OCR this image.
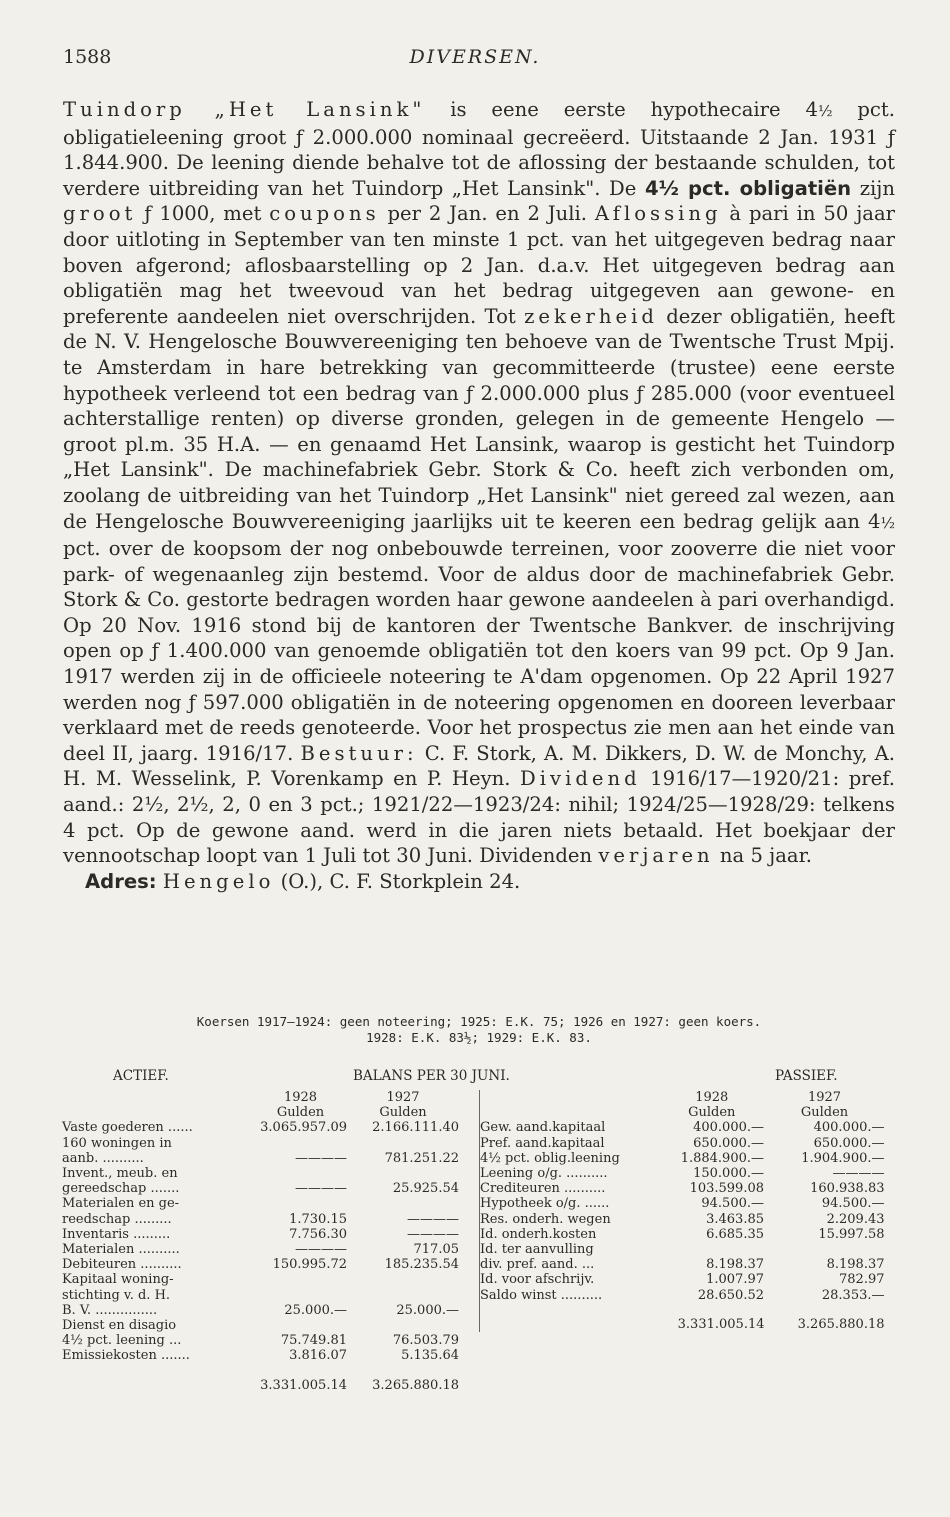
1588	DIVERSEN.

Tuindorp „Het Lansink" is eene eerste hypothecaire 4½ pct. obligatieleening groot ƒ 2.000.000 nominaal gecreëerd. Uitstaande 2 Jan. 1931 ƒ 1.844.900. De leening diende behalve tot de aflossing der bestaande schulden, tot verdere uitbreiding van het Tuindorp „Het Lansink". De 4½ pct. obligatiën zijn groot ƒ 1000, met coupons per 2 Jan. en 2 Juli. Aflossing à pari in 50 jaar door uitloting in September van ten minste 1 pct. van het uitgegeven bedrag naar boven afgerond; aflosbaarstelling op 2 Jan. d.a.v. Het uitgegeven bedrag aan obligatiën mag het tweevoud van het bedrag uitgegeven aan gewone- en preferente aandeelen niet overschrijden. Tot zekerheid dezer obligatiën, heeft de N. V. Hengelosche Bouwvereeniging ten behoeve van de Twentsche Trust Mpij. te Amsterdam in hare betrekking van gecommitteerde (trustee) eene eerste hypotheek verleend tot een bedrag van ƒ 2.000.000 plus ƒ 285.000 (voor eventueel achterstallige renten) op diverse gronden, gelegen in de gemeente Hengelo — groot pl.m. 35 H.A. — en genaamd Het Lansink, waarop is gesticht het Tuindorp „Het Lansink". De machinefabriek Gebr. Stork & Co. heeft zich verbonden om, zoolang de uitbreiding van het Tuindorp „Het Lansink" niet gereed zal wezen, aan de Hengelosche Bouwvereeniging jaarlijks uit te keeren een bedrag gelijk aan 4½ pct. over de koopsom der nog onbebouwde terreinen, voor zooverre die niet voor park- of wegenaanleg zijn bestemd. Voor de aldus door de machinefabriek Gebr. Stork & Co. gestorte bedragen worden haar gewone aandeelen à pari overhandigd. Op 20 Nov. 1916 stond bij de kantoren der Twentsche Bankver. de inschrijving open op ƒ 1.400.000 van genoemde obligatiën tot den koers van 99 pct. Op 9 Jan. 1917 werden zij in de officieele noteering te A'dam opgenomen. Op 22 April 1927 werden nog ƒ 597.000 obligatiën in de noteering opgenomen en dooreen leverbaar verklaard met de reeds genoteerde. Voor het prospectus zie men aan het einde van deel II, jaarg. 1916/17. Bestuur: C. F. Stork, A. M. Dikkers, D. W. de Monchy, A. H. M. Wesselink, P. Vorenkamp en P. Heyn. Dividend 1916/17—1920/21: pref. aand.: 2½, 2½, 2, 0 en 3 pct.; 1921/22—1923/24: nihil; 1924/25—1928/29: telkens 4 pct. Op de gewone aand. werd in die jaren niets betaald. Het boekjaar der vennootschap loopt van 1 Juli tot 30 Juni. Dividenden verjaren na 5 jaar.

Adres: Hengelo (O.), C. F. Storkplein 24.

Koersen 1917—1924: geen noteering; 1925: E.K. 75; 1926 en 1927: geen koers.
1928: E.K. 83½; 1929: E.K. 83.
ACTIEF.	BALANS PER 30 JUNI.	PASSIEF.
	1928	1927
	Gulden	Gulden
Vaste goederen ......	3.065.957.09	2.166.111.40
160 woningen in		
aanb. ..........	————	781.251.22
Invent., meub. en		
gereedschap .......	————	25.925.54
Materialen en ge-		
reedschap .........	1.730.15	————
Inventaris .........	7.756.30	————
Materialen ..........	————	717.05
Debiteuren ..........	150.995.72	185.235.54
Kapitaal woning-		
stichting v. d. H.		
B. V. ...............	25.000.—	25.000.—
Dienst en disagio		
4½ pct. leening ...	75.749.81	76.503.79
Emissiekosten .......	3.816.07	5.135.64
	3.331.005.14	3.265.880.18
	1928	1927
	Gulden	Gulden
Gew. aand.kapitaal	400.000.—	400.000.—
Pref. aand.kapitaal	650.000.—	650.000.—
4½ pct. oblig.leening	1.884.900.—	1.904.900.—
Leening o/g. ..........	150.000.—	————
Crediteuren ..........	103.599.08	160.938.83
Hypotheek o/g. ......	94.500.—	94.500.—
Res. onderh. wegen	3.463.85	2.209.43
Id. onderh.kosten	6.685.35	15.997.58
Id. ter aanvulling		
div. pref. aand. ...	8.198.37	8.198.37
Id. voor afschrijv.	1.007.97	782.97
Saldo winst ..........	28.650.52	28.353.—
	3.331.005.14	3.265.880.18
